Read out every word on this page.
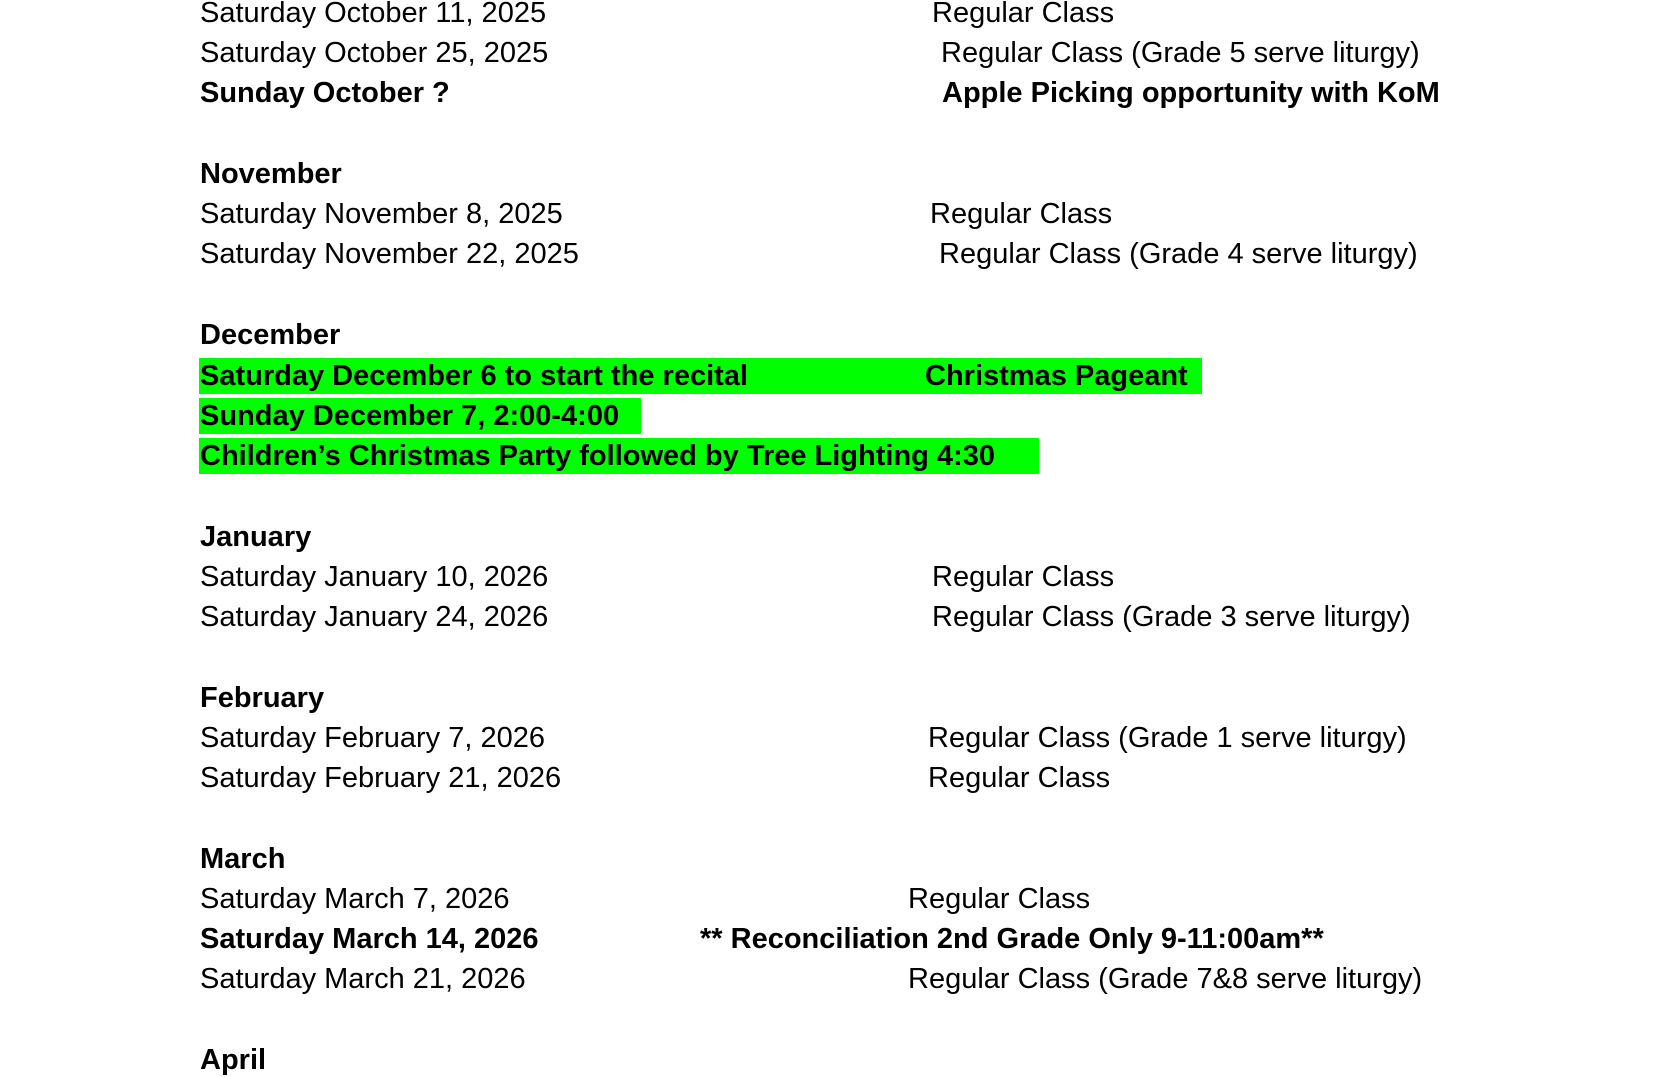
Saturday October 11, 2025	Regular Class
Saturday October 25, 2025	Regular Class (Grade 5 serve liturgy)
Sunday October ?	Apple Picking opportunity with KoM
November
Saturday November 8, 2025	Regular Class
Saturday November 22, 2025	Regular Class (Grade 4 serve liturgy)
December
Saturday December 6 to start the recital	Christmas Pageant
Sunday December 7, 2:00-4:00
Children’s Christmas Party followed by Tree Lighting 4:30
January
Saturday January 10, 2026	Regular Class
Saturday January 24, 2026	Regular Class (Grade 3 serve liturgy)
February
Saturday February 7, 2026	Regular Class (Grade 1 serve liturgy)
Saturday February 21, 2026	Regular Class
March
Saturday March 7, 2026	Regular Class
Saturday March 14, 2026	** Reconciliation 2nd Grade Only 9-11:00am**
Saturday March 21, 2026	Regular Class (Grade 7&8 serve liturgy)
April
